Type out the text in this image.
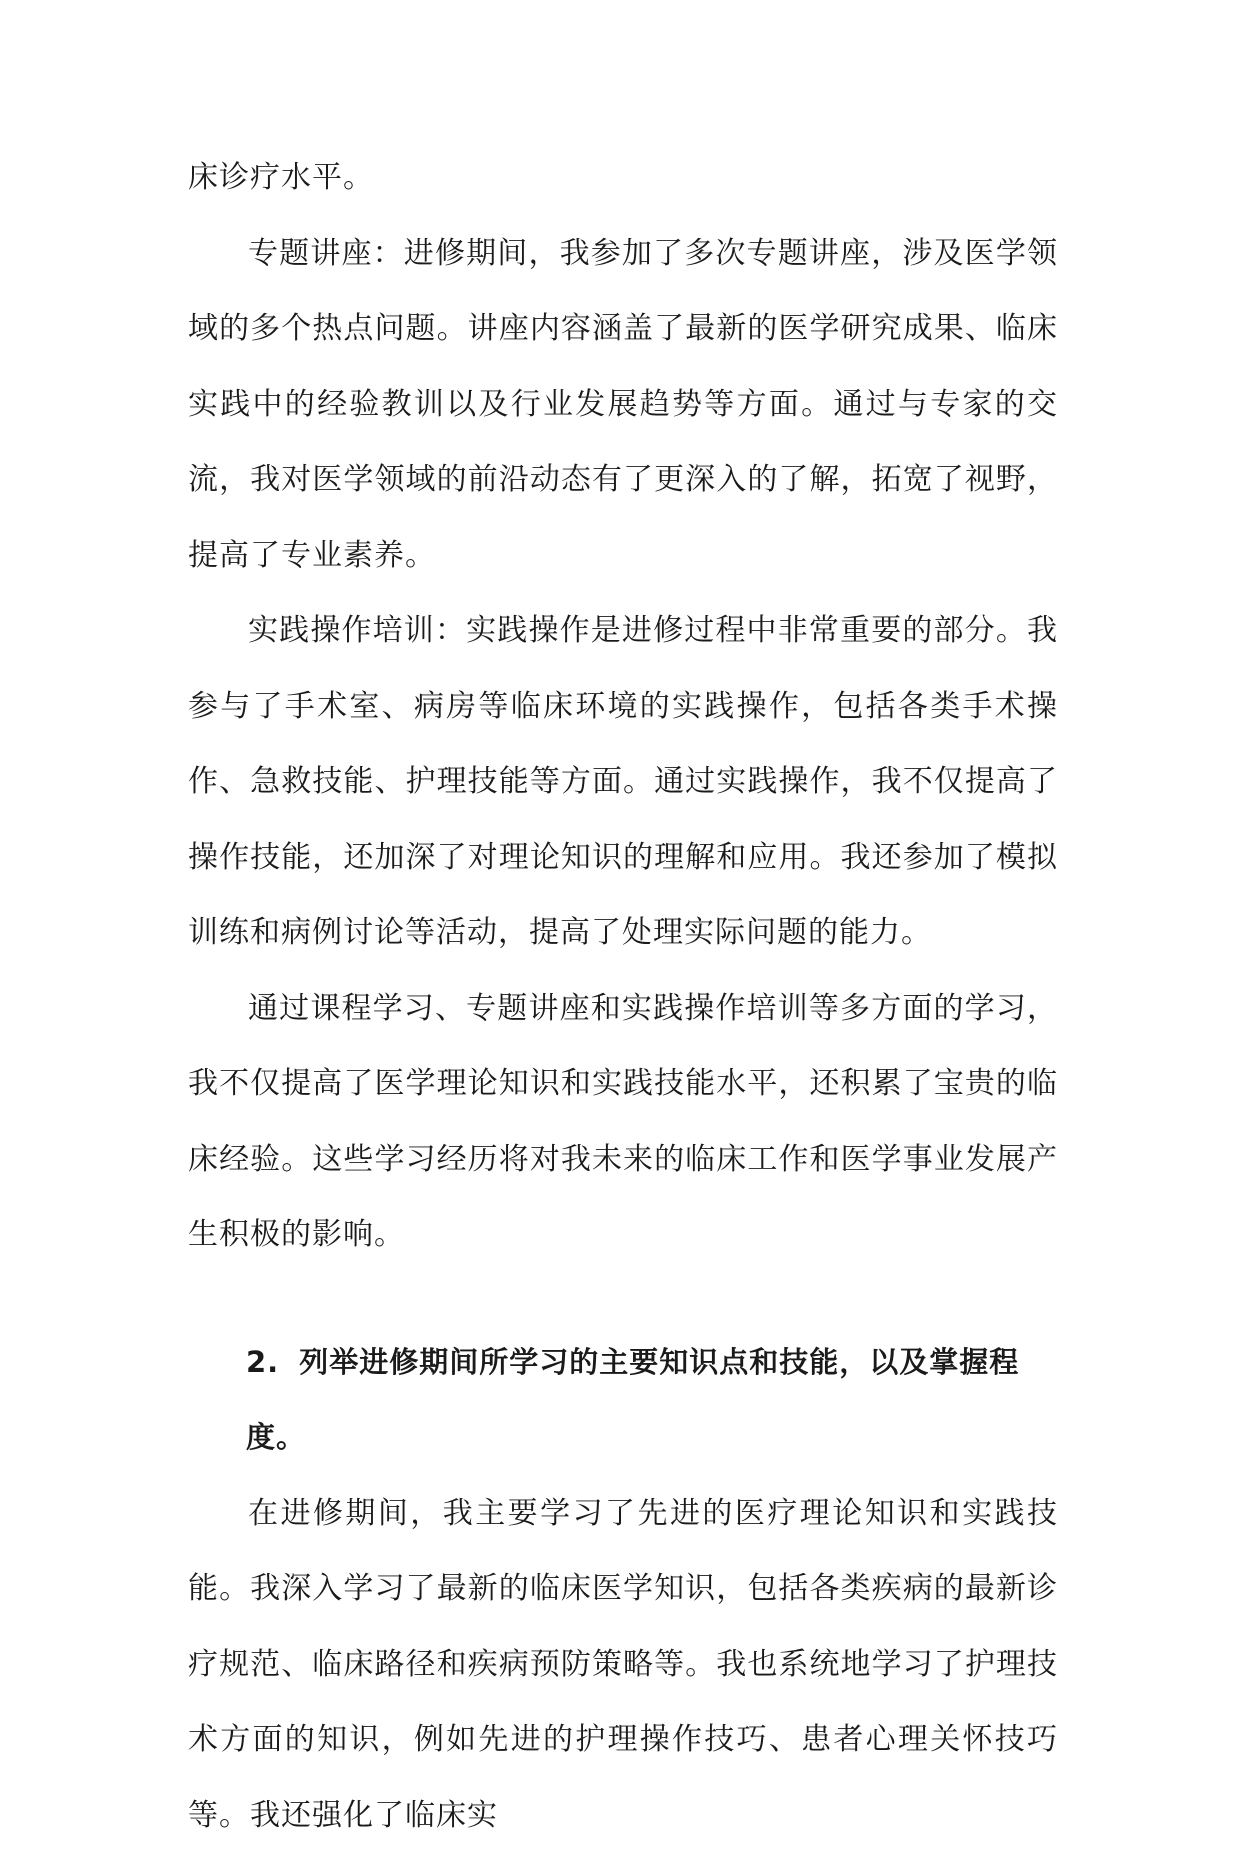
床诊疗水平。

专题讲座：进修期间，我参加了多次专题讲座，涉及医学领域的多个热点问题。讲座内容涵盖了最新的医学研究成果、临床实践中的经验教训以及行业发展趋势等方面。通过与专家的交流，我对医学领域的前沿动态有了更深入的了解，拓宽了视野，提高了专业素养。

实践操作培训：实践操作是进修过程中非常重要的部分。我参与了手术室、病房等临床环境的实践操作，包括各类手术操作、急救技能、护理技能等方面。通过实践操作，我不仅提高了操作技能，还加深了对理论知识的理解和应用。我还参加了模拟训练和病例讨论等活动，提高了处理实际问题的能力。

通过课程学习、专题讲座和实践操作培训等多方面的学习，我不仅提高了医学理论知识和实践技能水平，还积累了宝贵的临床经验。这些学习经历将对我未来的临床工作和医学事业发展产生积极的影响。

2. 列举进修期间所学习的主要知识点和技能，以及掌握程度。

在进修期间，我主要学习了先进的医疗理论知识和实践技能。我深入学习了最新的临床医学知识，包括各类疾病的最新诊疗规范、临床路径和疾病预防策略等。我也系统地学习了护理技术方面的知识，例如先进的护理操作技巧、患者心理关怀技巧等。我还强化了临床实
